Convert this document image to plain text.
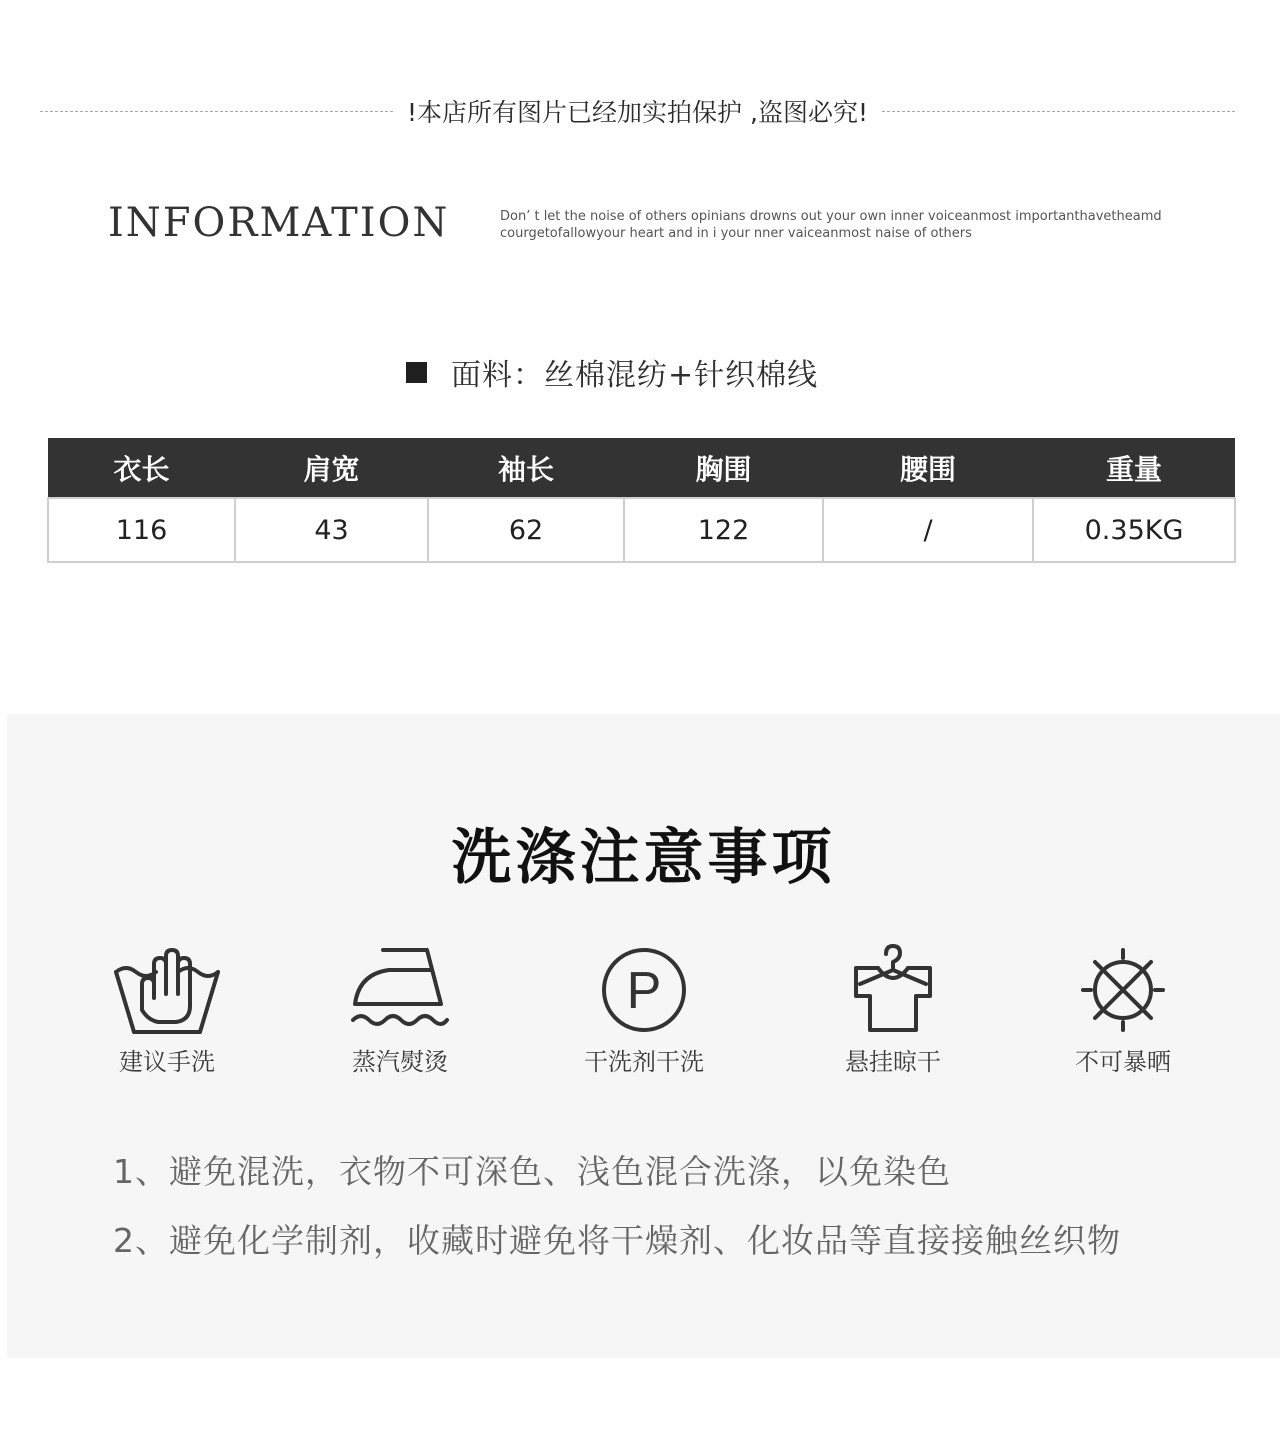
!本店所有图片已经加实拍保护 ,盗图必究!
INFORMATION	Don’ t let the noise of others opinians drowns out your own inner voiceanmost importanthavetheamd
courgetofallowyour heart and in i your nner vaiceanmost naise of others
面料：丝棉混纺+针织棉线
衣长	肩宽	袖长	胸围	腰围	重量
116	43	62	122	/	0.35KG
洗涤注意事项
建议手洗	蒸汽熨烫
P
干洗剂干洗	悬挂晾干	不可暴晒
1、避免混洗，衣物不可深色、浅色混合洗涤，以免染色
2、避免化学制剂，收藏时避免将干燥剂、化妆品等直接接触丝织物
